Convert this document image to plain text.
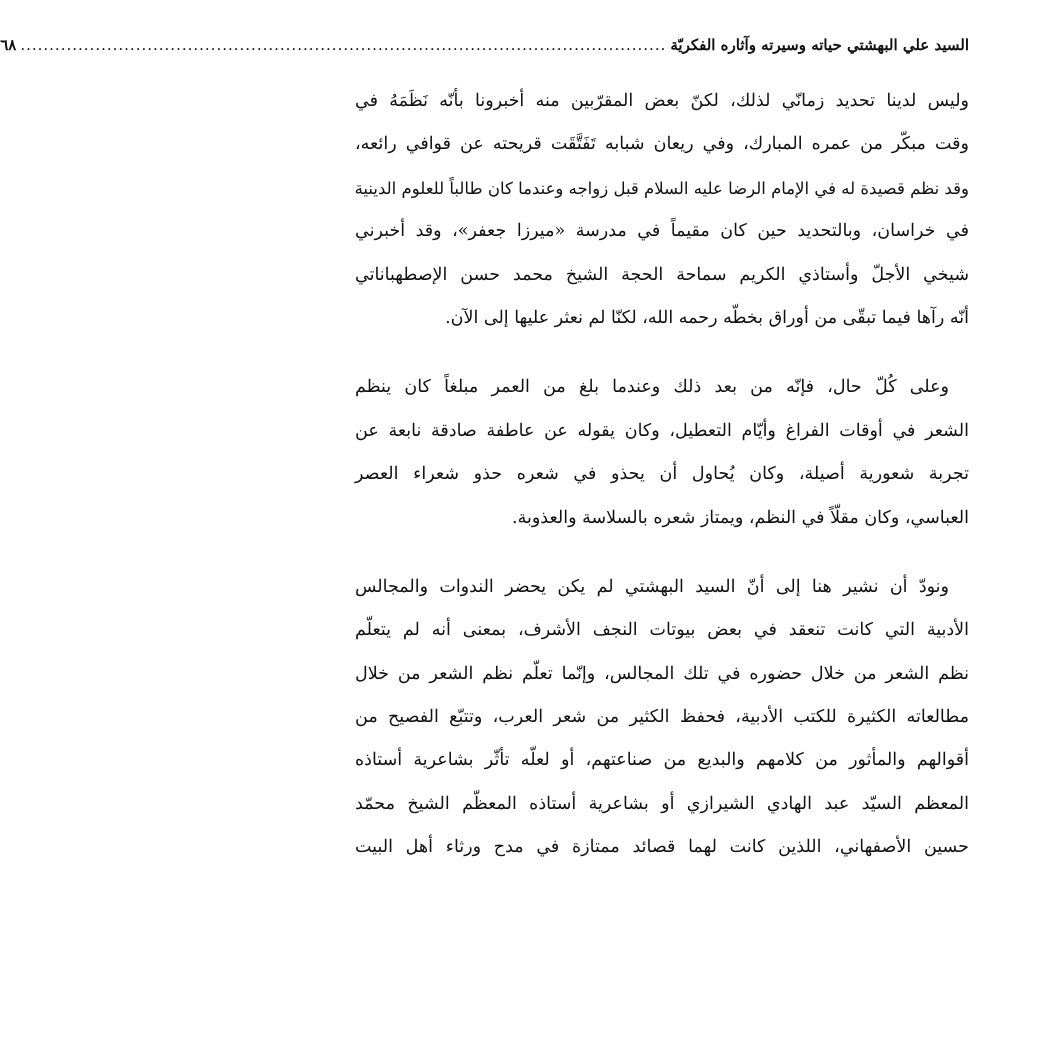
السيد علي البهشتي حياته وسيرته وآثاره الفكريّة
................................................................................................................
٦٨
وليس لدينا تحديد زمانّي لذلك، لكنّ بعض المقرّبين منه أخبرونا بأنّه نَظَمَهُ في
وقت مبكّر من عمره المبارك، وفي ريعان شبابه تَفَتَّقَت قريحته عن قوافي رائعه،
وقد نظم قصيدة له في الإمام الرضا عليه السلام قبل زواجه وعندما كان طالباً للعلوم الدينية
في خراسان، وبالتحديد حين كان مقيماً في مدرسة «ميرزا جعفر»، وقد أخبرني
شيخي الأجلّ وأستاذي الكريم سماحة الحجة الشيخ محمد حسن الإصطهباناتي
أنّه رآها فيما تبقّى من أوراق بخطّه رحمه الله، لكنّا لم نعثر عليها إلى الآن.
وعلى كُلّ حال، فإنّه من بعد ذلك وعندما بلغ من العمر مبلغاً كان ينظم
الشعر في أوقات الفراغ وأيّام التعطيل، وكان يقوله عن عاطفة صادقة نابعة عن
تجربة شعورية أصيلة، وكان يُحاول أن يحذو في شعره حذو شعراء العصر
العباسي، وكان مقلّاً في النظم، ويمتاز شعره بالسلاسة والعذوبة.
ونودّ أن نشير هنا إلى أنّ السيد البهشتي لم يكن يحضر الندوات والمجالس
الأدبية التي كانت تنعقد في بعض بيوتات النجف الأشرف، بمعنى أنه لم يتعلّم
نظم الشعر من خلال حضوره في تلك المجالس، وإنّما تعلّم نظم الشعر من خلال
مطالعاته الكثيرة للكتب الأدبية، فحفظ الكثير من شعر العرب، وتتبّع الفصيح من
أقوالهم والمأثور من كلامهم والبديع من صناعتهم، أو لعلّه تأثّر بشاعرية أستاذه
المعظم السيّد عبد الهادي الشيرازي أو بشاعرية أستاذه المعظّم الشيخ محمّد
حسين الأصفهاني، اللذين كانت لهما قصائد ممتازة في مدح ورثاء أهل البيت
